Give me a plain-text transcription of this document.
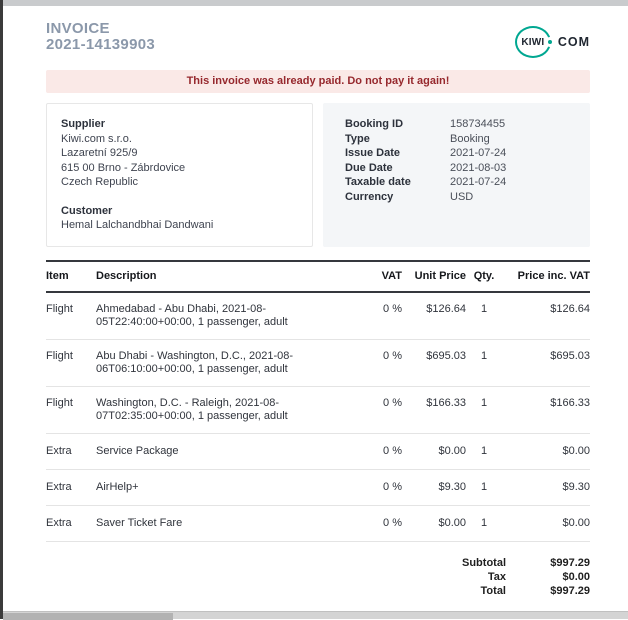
INVOICE
2021-14139903	KIWI COM
This invoice was already paid. Do not pay it again!
Supplier
Kiwi.com s.r.o.
Lazaretní 925/9
615 00 Brno - Zábrdovice
Czech Republic
Customer
Hemal Lalchandbhai Dandwani
Booking ID	158734455
Type	Booking
Issue Date	2021-07-24
Due Date	2021-08-03
Taxable date	2021-07-24
Currency	USD
Item	Description	VAT	Unit Price	Qty.	Price inc. VAT
Flight	Ahmedabad - Abu Dhabi, 2021-08-05T22:40:00+00:00, 1 passenger, adult	0 %	$126.64	1	$126.64
Flight	Abu Dhabi - Washington, D.C., 2021-08-06T06:10:00+00:00, 1 passenger, adult	0 %	$695.03	1	$695.03
Flight	Washington, D.C. - Raleigh, 2021-08-07T02:35:00+00:00, 1 passenger, adult	0 %	$166.33	1	$166.33
Extra	Service Package	0 %	$0.00	1	$0.00
Extra	AirHelp+	0 %	$9.30	1	$9.30
Extra	Saver Ticket Fare	0 %	$0.00	1	$0.00
Subtotal	$997.29
Tax	$0.00
Total	$997.29
